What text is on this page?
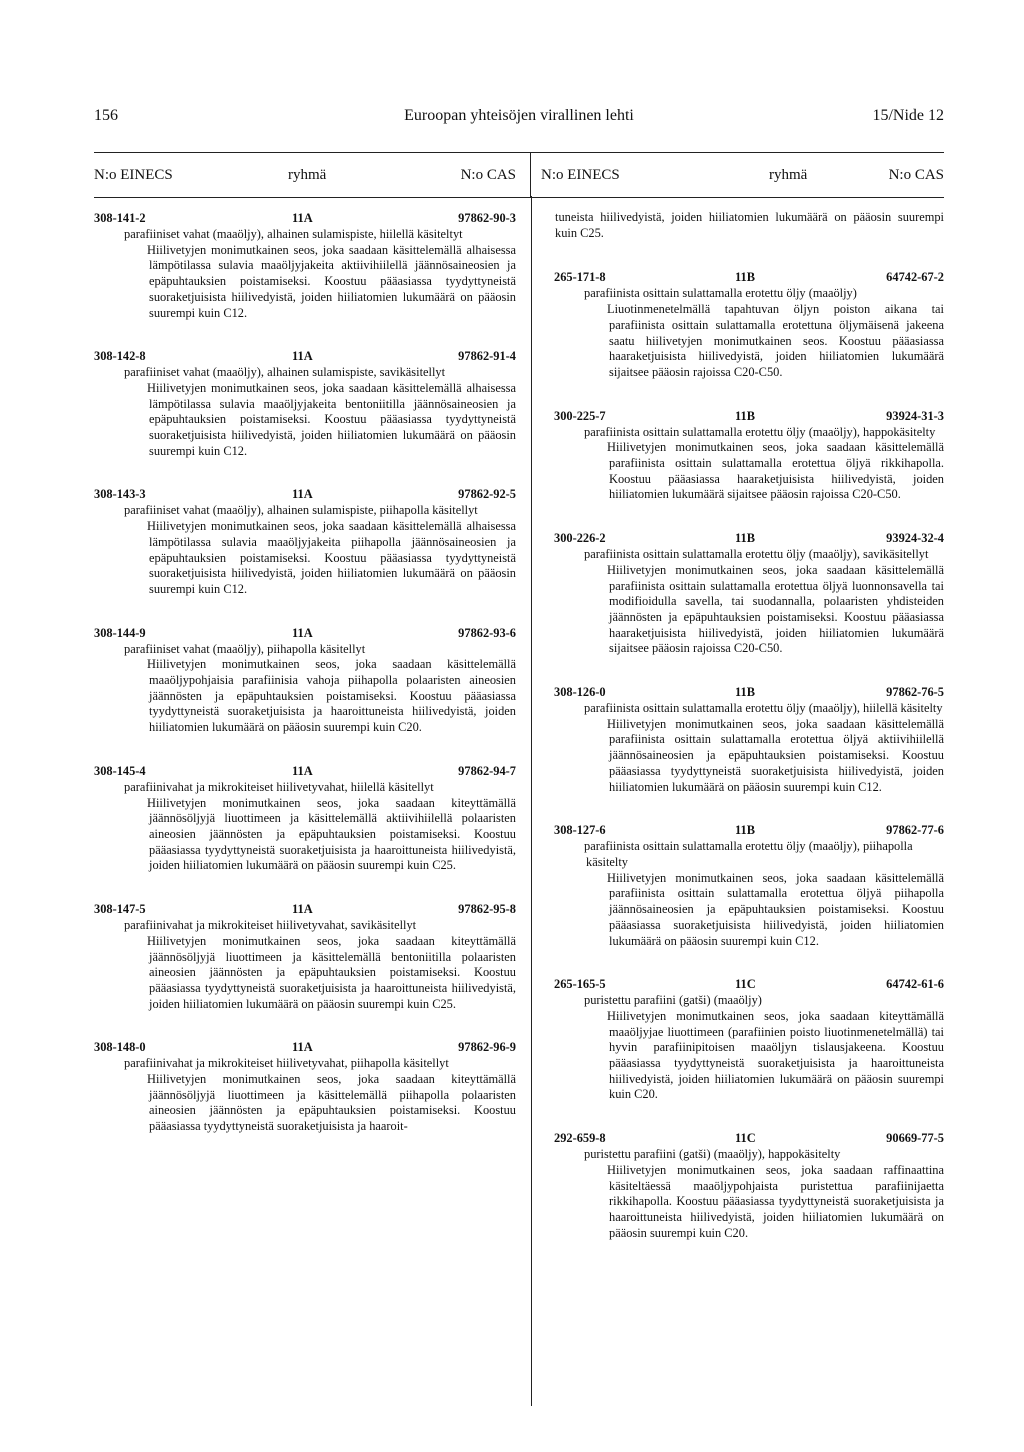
156	Euroopan yhteisöjen virallinen lehti	15/Nide 12
N:o EINECS	ryhmä	N:o CAS N:o EINECS	ryhmä	N:o CAS
308-141-2	11A	97862-90-3
parafiiniset vahat (maaöljy), alhainen sulamispiste, hiilellä käsiteltyt
Hiilivetyjen monimutkainen seos, joka saadaan käsittelemällä alhaisessa lämpötilassa sulavia maaöljyjakeita aktiivihiilellä jäännösaineosien ja epäpuhtauksien poistamiseksi. Koostuu pääasiassa tyydyttyneistä suoraketjuisista hiilivedyistä, joiden hiiliatomien lukumäärä on pääosin suurempi kuin C12.
308-142-8	11A	97862-91-4
parafiiniset vahat (maaöljy), alhainen sulamispiste, savikäsitellyt
Hiilivetyjen monimutkainen seos, joka saadaan käsittelemällä alhaisessa lämpötilassa sulavia maaöljyjakeita bentoniitilla jäännösaineosien ja epäpuhtauksien poistamiseksi. Koostuu pääasiassa tyydyttyneistä suoraketjuisista hiilivedyistä, joiden hiiliatomien lukumäärä on pääosin suurempi kuin C12.
308-143-3	11A	97862-92-5
parafiiniset vahat (maaöljy), alhainen sulamispiste, piihapolla käsitellyt
Hiilivetyjen monimutkainen seos, joka saadaan käsittelemällä alhaisessa lämpötilassa sulavia maaöljyjakeita piihapolla jäännösaineosien ja epäpuhtauksien poistamiseksi. Koostuu pääasiassa tyydyttyneistä suoraketjuisista hiilivedyistä, joiden hiiliatomien lukumäärä on pääosin suurempi kuin C12.
308-144-9	11A	97862-93-6
parafiiniset vahat (maaöljy), piihapolla käsitellyt
Hiilivetyjen monimutkainen seos, joka saadaan käsittelemällä maaöljypohjaisia parafiinisia vahoja piihapolla polaaristen aineosien jäännösten ja epäpuhtauksien poistamiseksi. Koostuu pääasiassa tyydyttyneistä suoraketjuisista ja haaroittuneista hiilivedyistä, joiden hiiliatomien lukumäärä on pääosin suurempi kuin C20.
308-145-4	11A	97862-94-7
parafiinivahat ja mikrokiteiset hiilivetyvahat, hiilellä käsitellyt
Hiilivetyjen monimutkainen seos, joka saadaan kiteyttämällä jäännösöljyjä liuottimeen ja käsittelemällä aktiivihiilellä polaaristen aineosien jäännösten ja epäpuhtauksien poistamiseksi. Koostuu pääasiassa tyydyttyneistä suoraketjuisista ja haaroittuneista hiilivedyistä, joiden hiiliatomien lukumäärä on pääosin suurempi kuin C25.
308-147-5	11A	97862-95-8
parafiinivahat ja mikrokiteiset hiilivetyvahat, savikäsitellyt
Hiilivetyjen monimutkainen seos, joka saadaan kiteyttämällä jäännösöljyjä liuottimeen ja käsittelemällä bentoniitilla polaaristen aineosien jäännösten ja epäpuhtauksien poistamiseksi. Koostuu pääasiassa tyydyttyneistä suoraketjuisista ja haaroittuneista hiilivedyistä, joiden hiiliatomien lukumäärä on pääosin suurempi kuin C25.
308-148-0	11A	97862-96-9
parafiinivahat ja mikrokiteiset hiilivetyvahat, piihapolla käsitellyt
Hiilivetyjen monimutkainen seos, joka saadaan kiteyttämällä jäännösöljyjä liuottimeen ja käsittelemällä piihapolla polaaristen aineosien jäännösten ja epäpuhtauksien poistamiseksi. Koostuu pääasiassa tyydyttyneistä suoraketjuisista ja haaroit-
tuneista hiilivedyistä, joiden hiiliatomien lukumäärä on pääosin suurempi kuin C25.
265-171-8	11B	64742-67-2
parafiinista osittain sulattamalla erotettu öljy (maaöljy)
Liuotinmenetelmällä tapahtuvan öljyn poiston aikana tai parafiinista osittain sulattamalla erotettuna öljymäisenä jakeena saatu hiilivetyjen monimutkainen seos. Koostuu pääasiassa haaraketjuisista hiilivedyistä, joiden hiiliatomien lukumäärä sijaitsee pääosin rajoissa C20-C50.
300-225-7	11B	93924-31-3
parafiinista osittain sulattamalla erotettu öljy (maaöljy), happokäsitelty
Hiilivetyjen monimutkainen seos, joka saadaan käsittelemällä parafiinista osittain sulattamalla erotettua öljyä rikkihapolla. Koostuu pääasiassa haaraketjuisista hiilivedyistä, joiden hiiliatomien lukumäärä sijaitsee pääosin rajoissa C20-C50.
300-226-2	11B	93924-32-4
parafiinista osittain sulattamalla erotettu öljy (maaöljy), savikäsitellyt
Hiilivetyjen monimutkainen seos, joka saadaan käsittelemällä parafiinista osittain sulattamalla erotettua öljyä luonnonsavella tai modifioidulla savella, tai suodannalla, polaaristen yhdisteiden jäännösten ja epäpuhtauksien poistamiseksi. Koostuu pääasiassa haaraketjuisista hiilivedyistä, joiden hiiliatomien lukumäärä sijaitsee pääosin rajoissa C20-C50.
308-126-0	11B	97862-76-5
parafiinista osittain sulattamalla erotettu öljy (maaöljy), hiilellä käsitelty
Hiilivetyjen monimutkainen seos, joka saadaan käsittelemällä parafiinista osittain sulattamalla erotettua öljyä aktiivihiilellä jäännösaineosien ja epäpuhtauksien poistamiseksi. Koostuu pääasiassa tyydyttyneistä suoraketjuisista hiilivedyistä, joiden hiiliatomien lukumäärä on pääosin suurempi kuin C12.
308-127-6	11B	97862-77-6
parafiinista osittain sulattamalla erotettu öljy (maaöljy), piihapolla käsitelty
Hiilivetyjen monimutkainen seos, joka saadaan käsittelemällä parafiinista osittain sulattamalla erotettua öljyä piihapolla jäännösaineosien ja epäpuhtauksien poistamiseksi. Koostuu pääasiassa suoraketjuisista hiilivedyistä, joiden hiiliatomien lukumäärä on pääosin suurempi kuin C12.
265-165-5	11C	64742-61-6
puristettu parafiini (gatši) (maaöljy)
Hiilivetyjen monimutkainen seos, joka saadaan kiteyttämällä maaöljyjae liuottimeen (parafiinien poisto liuotinmenetelmällä) tai hyvin parafiinipitoisen maaöljyn tislausjakeena. Koostuu pääasiassa tyydyttyneistä suoraketjuisista ja haaroittuneista hiilivedyistä, joiden hiiliatomien lukumäärä on pääosin suurempi kuin C20.
292-659-8	11C	90669-77-5
puristettu parafiini (gatši) (maaöljy), happokäsitelty
Hiilivetyjen monimutkainen seos, joka saadaan raffinaattina käsiteltäessä maaöljypohjaista puristettua parafiinijaetta rikkihapolla. Koostuu pääasiassa tyydyttyneistä suoraketjuisista ja haaroittuneista hiilivedyistä, joiden hiiliatomien lukumäärä on pääosin suurempi kuin C20.
